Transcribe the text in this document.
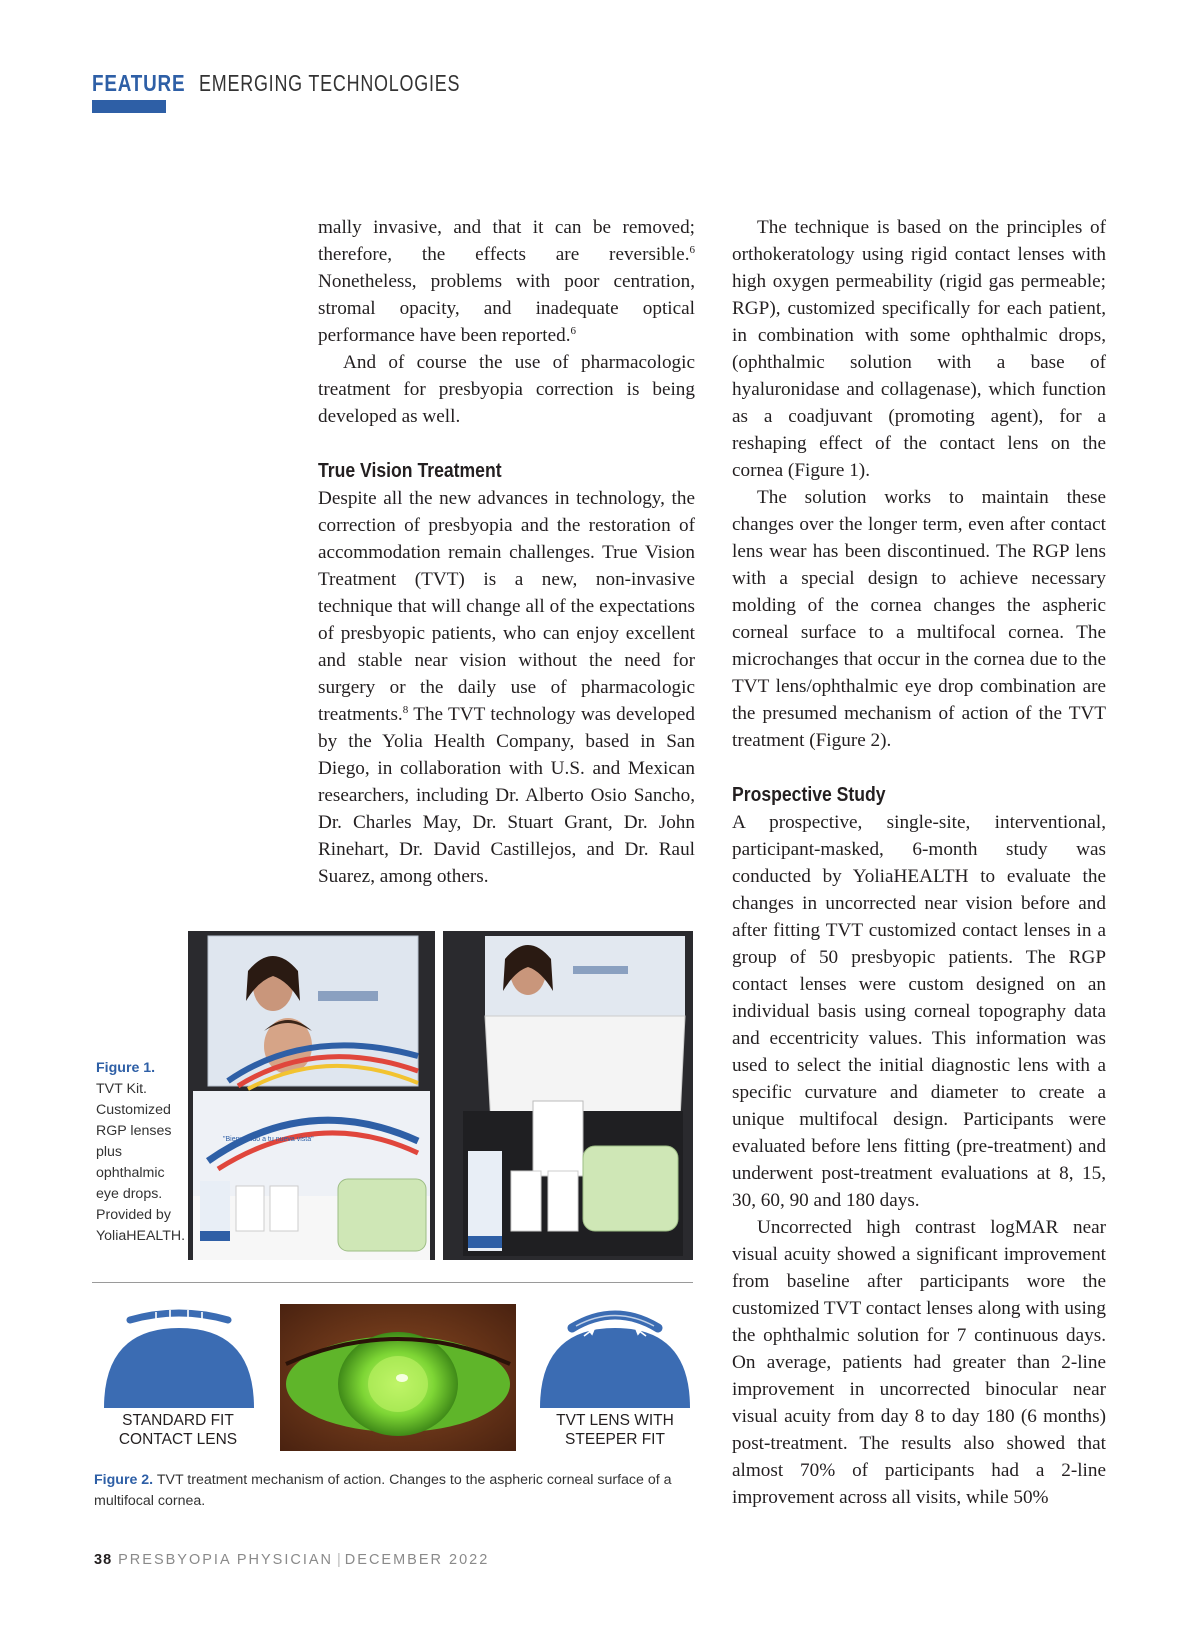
FEATURE EMERGING TECHNOLOGIES

mally invasive, and that it can be removed; therefore, the effects are reversible.$^6$ Nonetheless, problems with poor centration, stromal opacity, and inadequate optical performance have been reported.$^6$

And of course the use of pharmacologic treatment for presbyopia correction is being developed as well.

True Vision Treatment

Despite all the new advances in technology, the correction of presbyopia and the restoration of accommodation remain challenges. True Vision Treatment (TVT) is a new, non-invasive technique that will change all of the expectations of presbyopic patients, who can enjoy excellent and stable near vision without the need for surgery or the daily use of pharmacologic treatments.$^8$ The TVT technology was developed by the Yolia Health Company, based in San Diego, in collaboration with U.S. and Mexican researchers, including Dr. Alberto Osio Sancho, Dr. Charles May, Dr. Stuart Grant, Dr. John Rinehart, Dr. David Castillejos, and Dr. Raul Suarez, among others.

The technique is based on the principles of orthokeratology using rigid contact lenses with high oxygen permeability (rigid gas permeable; RGP), customized specifically for each patient, in combination with some ophthalmic drops, (ophthalmic solution with a base of hyaluronidase and collagenase), which function as a coadjuvant (promoting agent), for a reshaping effect of the contact lens on the cornea (Figure 1).

The solution works to maintain these changes over the longer term, even after contact lens wear has been discontinued. The RGP lens with a special design to achieve necessary molding of the cornea changes the aspheric corneal surface to a multifocal cornea. The microchanges that occur in the cornea due to the TVT lens/ophthalmic eye drop combination are the presumed mechanism of action of the TVT treatment (Figure 2).

Prospective Study

A prospective, single-site, interventional, participant-masked, 6-month study was conducted by YoliaHEALTH to evaluate the changes in uncorrected near vision before and after fitting TVT customized contact lenses in a group of 50 presbyopic patients. The RGP contact lenses were custom designed on an individual basis using corneal topography data and eccentricity values. This information was used to select the initial diagnostic lens with a specific curvature and diameter to create a unique multifocal design. Participants were evaluated before lens fitting (pre-treatment) and underwent post-treatment evaluations at 8, 15, 30, 60, 90 and 180 days.

Uncorrected high contrast logMAR near visual acuity showed a significant improvement from baseline after participants wore the customized TVT contact lenses along with using the ophthalmic solution for 7 continuous days. On average, patients had greater than 2-line improvement in uncorrected binocular near visual acuity from day 8 to day 180 (6 months) post-treatment. The results also showed that almost 70% of participants had a 2-line improvement across all visits, while 50%

Figure 1.
TVT Kit. Customized RGP lenses plus ophthalmic eye drops. Provided by YoliaHEALTH.
"Bienvenido a tu nueva vista"
STANDARD FIT
CONTACT LENS
TVT LENS WITH
STEEPER FIT
Figure 2. TVT treatment mechanism of action. Changes to the aspheric corneal surface of a multifocal cornea.
38 PRESBYOPIA PHYSICIAN | DECEMBER 2022
